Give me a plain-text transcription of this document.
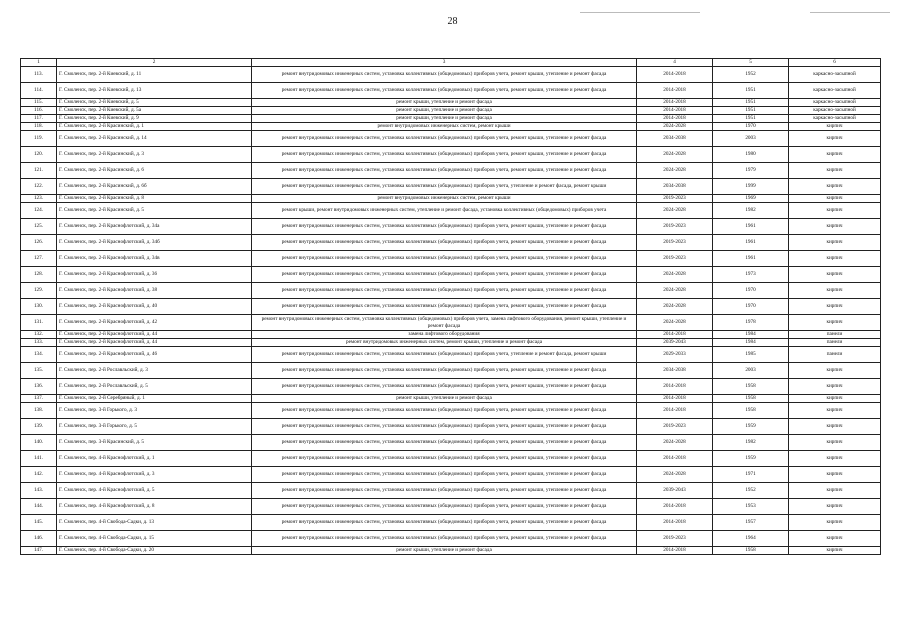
28
1	2	3	4	5	6
113.	Г. Смоленск, пер. 2-й Киевский, д. 11	ремонт внутридомовых инженерных систем, установка коллективных (общедомовых) приборов учета, ремонт крыши, утепление и ремонт фасада	2014-2018	1952	каркасно-засыпной
114.	Г. Смоленск, пер. 2-й Киевский, д. 13	ремонт внутридомовых инженерных систем, установка коллективных (общедомовых) приборов учета, ремонт крыши, утепление и ремонт фасада	2014-2018	1951	каркасно-засыпной
115.	Г. Смоленск, пер. 2-й Киевский, д. 5	ремонт крыши, утепление и ремонт фасада	2014-2018	1951	каркасно-засыпной
116.	Г. Смоленск, пер. 2-й Киевский, д. 5а	ремонт крыши, утепление и ремонт фасада	2014-2018	1951	каркасно-засыпной
117.	Г. Смоленск, пер. 2-й Киевский, д. 9	ремонт крыши, утепление и ремонт фасада	2014-2018	1951	каркасно-засыпной
118.	Г. Смоленск, пер. 2-й Красинский, д. 1	ремонт внутридомовых инженерных систем, ремонт крыши	2024-2028	1970	кирпич
119.	Г. Смоленск, пер. 2-й Красинский, д. 14	ремонт внутридомовых инженерных систем, установка коллективных (общедомовых) приборов учета, ремонт крыши, утепление и ремонт фасада	2034-2038	2003	кирпич
120.	Г. Смоленск, пер. 2-й Красинский, д. 3	ремонт внутридомовых инженерных систем, установка коллективных (общедомовых) приборов учета, ремонт крыши, утепление и ремонт фасада	2024-2028	1980	кирпич
121.	Г. Смоленск, пер. 2-й Красинский, д. 6	ремонт внутридомовых инженерных систем, установка коллективных (общедомовых) приборов учета, ремонт крыши, утепление и ремонт фасада	2024-2028	1979	кирпич
122.	Г. Смоленск, пер. 2-й Красинский, д. 6б	ремонт внутридомовых инженерных систем, установка коллективных (общедомовых) приборов учета, утепление и ремонт фасада, ремонт крыши	2034-2038	1999	кирпич
123.	Г. Смоленск, пер. 2-й Красинский, д. 8	ремонт внутридомовых инженерных систем, ремонт крыши	2019-2023	1969	кирпич
124.	Г. Смоленск, пер. 2-й Красинский, д. 5	ремонт крыши, ремонт внутридомовых инженерных систем, утепление и ремонт фасада, установка коллективных (общедомовых) приборов учета	2024-2028	1982	кирпич
125.	Г. Смоленск, пер. 2-й Краснофлотский, д. 34а	ремонт внутридомовых инженерных систем, установка коллективных (общедомовых) приборов учета, ремонт крыши, утепление и ремонт фасада	2019-2023	1961	кирпич
126.	Г. Смоленск, пер. 2-й Краснофлотский, д. 34б	ремонт внутридомовых инженерных систем, установка коллективных (общедомовых) приборов учета, ремонт крыши, утепление и ремонт фасада	2019-2023	1961	кирпич
127.	Г. Смоленск, пер. 2-й Краснофлотский, д. 34в	ремонт внутридомовых инженерных систем, установка коллективных (общедомовых) приборов учета, ремонт крыши, утепление и ремонт фасада	2019-2023	1961	кирпич
128.	Г. Смоленск, пер. 2-й Краснофлотский, д. 36	ремонт внутридомовых инженерных систем, установка коллективных (общедомовых) приборов учета, ремонт крыши, утепление и ремонт фасада	2024-2028	1973	кирпич
129.	Г. Смоленск, пер. 2-й Краснофлотский, д. 38	ремонт внутридомовых инженерных систем, установка коллективных (общедомовых) приборов учета, ремонт крыши, утепление и ремонт фасада	2024-2028	1970	кирпич
130.	Г. Смоленск, пер. 2-й Краснофлотский, д. 40	ремонт внутридомовых инженерных систем, установка коллективных (общедомовых) приборов учета, ремонт крыши, утепление и ремонт фасада	2024-2028	1970	кирпич
131.	Г. Смоленск, пер. 2-й Краснофлотский, д. 42	ремонт внутридомовых инженерных систем, установка коллективных (общедомовых) приборов учета, замена лифтового оборудования, ремонт крыши, утепление и ремонт фасада	2024-2028	1978	кирпич
132.	Г. Смоленск, пер. 2-й Краснофлотский, д. 44	замена лифтового оборудования	2014-2018	1984	панели
133.	Г. Смоленск, пер. 2-й Краснофлотский, д. 44	ремонт внутридомовых инженерных систем, ремонт крыши, утепление и ремонт фасада	2039-2043	1984	панели
134.	Г. Смоленск, пер. 2-й Краснофлотский, д. 46	ремонт внутридомовых инженерных систем, установка коллективных (общедомовых) приборов учета, утепление и ремонт фасада, ремонт крыши	2029-2033	1985	панели
135.	Г. Смоленск, пер. 2-й Рославльский, д. 3	ремонт внутридомовых инженерных систем, установка коллективных (общедомовых) приборов учета, ремонт крыши, утепление и ремонт фасада	2034-2038	2003	кирпич
136.	Г. Смоленск, пер. 2-й Рославльский, д. 5	ремонт внутридомовых инженерных систем, установка коллективных (общедомовых) приборов учета, ремонт крыши, утепление и ремонт фасада	2014-2018	1958	кирпич
137.	Г. Смоленск, пер. 2-й Серебряный, д. 1	ремонт крыши, утепление и ремонт фасада	2014-2018	1958	кирпич
138.	Г. Смоленск, пер. 3-й Горького, д. 3	ремонт внутридомовых инженерных систем, установка коллективных (общедомовых) приборов учета, ремонт крыши, утепление и ремонт фасада	2014-2018	1958	кирпич
139.	Г. Смоленск, пер. 3-й Горького, д. 5	ремонт внутридомовых инженерных систем, установка коллективных (общедомовых) приборов учета, ремонт крыши, утепление и ремонт фасада	2019-2023	1959	кирпич
140.	Г. Смоленск, пер. 3-й Красинский, д. 5	ремонт внутридомовых инженерных систем, установка коллективных (общедомовых) приборов учета, ремонт крыши, утепление и ремонт фасада	2024-2028	1982	кирпич
141.	Г. Смоленск, пер. 4-й Краснофлотский, д. 1	ремонт внутридомовых инженерных систем, установка коллективных (общедомовых) приборов учета, ремонт крыши, утепление и ремонт фасада	2014-2018	1959	кирпич
142.	Г. Смоленск, пер. 4-й Краснофлотский, д. 3	ремонт внутридомовых инженерных систем, установка коллективных (общедомовых) приборов учета, ремонт крыши, утепление и ремонт фасада	2024-2028	1971	кирпич
143.	Г. Смоленск, пер. 4-й Краснофлотский, д. 5	ремонт внутридомовых инженерных систем, установка коллективных (общедомовых) приборов учета, ремонт крыши, утепление и ремонт фасада	2039-2043	1952	кирпич
144.	Г. Смоленск, пер. 4-й Краснофлотский, д. 8	ремонт внутридомовых инженерных систем, установка коллективных (общедомовых) приборов учета, ремонт крыши, утепление и ремонт фасада	2014-2018	1953	кирпич
145.	Г. Смоленск, пер. 4-й Свобода-Садки, д. 13	ремонт внутридомовых инженерных систем, установка коллективных (общедомовых) приборов учета, ремонт крыши, утепление и ремонт фасада	2014-2018	1957	кирпич
146.	Г. Смоленск, пер. 4-й Свобода-Садки, д. 15	ремонт внутридомовых инженерных систем, установка коллективных (общедомовых) приборов учета, ремонт крыши, утепление и ремонт фасада	2019-2023	1964	кирпич
147.	Г. Смоленск, пер. 4-й Свобода-Садки, д. 20	ремонт крыши, утепление и ремонт фасада	2014-2018	1958	кирпич
